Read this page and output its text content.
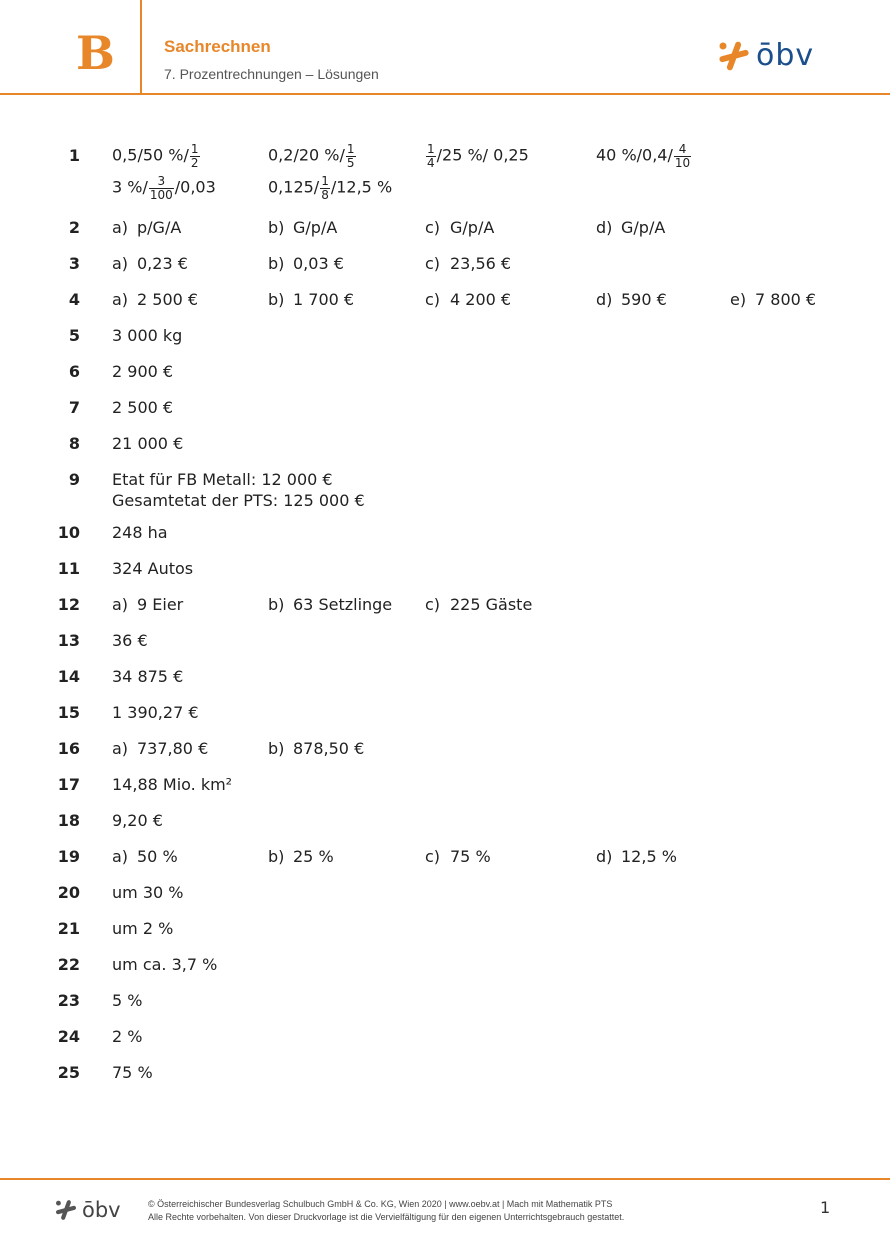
B	Sachrechnen
7. Prozentrechnungen – Lösungen
ōbv
1 0,5/50 %/ $\frac{1}{2}$	0,2/20 %/ $\frac{1}{5}$	$\frac{1}{4} /25$ %/ 0,25	40 $\%/0,4/ \frac{4}{10}$
3 %/ $\frac{3}{100} /0,03$	$0,125/ \frac{1}{8} /12,5$ %
2 a) p/G/A	b) G/p/A	c) G/p/A	d) G/p/A
3 a) 0,23 €	b) 0,03 €	c) 23,56 €
4 a) 2 500 €	b) 1 700 €	c) 4 200 €	d) 590 €	e) 7 800 €
5 3 000 kg
6 2 900 €
7 2 500 €
8 21 000 €
9 Etat für FB Metall: 12 000 €
Gesamtetat der PTS: 125 000 €
10 248 ha
11 324 Autos
12 a) 9 Eier	b) 63 Setzlinge c) 225 Gäste
13 36 €
14 34 875 €
15 1 390,27 €
16 a) 737,80 €	b) 878,50 €
17 14,88 Mio. km²
18 9,20 €
19 a) 50 %	b) 25 %	c) 75 %	d) 12,5 %
20 um 30 %
21 um 2 %
22 um ca. 3,7 %
23 5 %
24 2 %
25 75 %
ōbv	© Österreichischer Bundesverlag Schulbuch GmbH & Co. KG, Wien 2020 | www.oebv.at | Mach mit Mathematik PTS
Alle Rechte vorbehalten. Von dieser Druckvorlage ist die Vervielfältigung für den eigenen Unterrichtsgebrauch gestattet.	1
